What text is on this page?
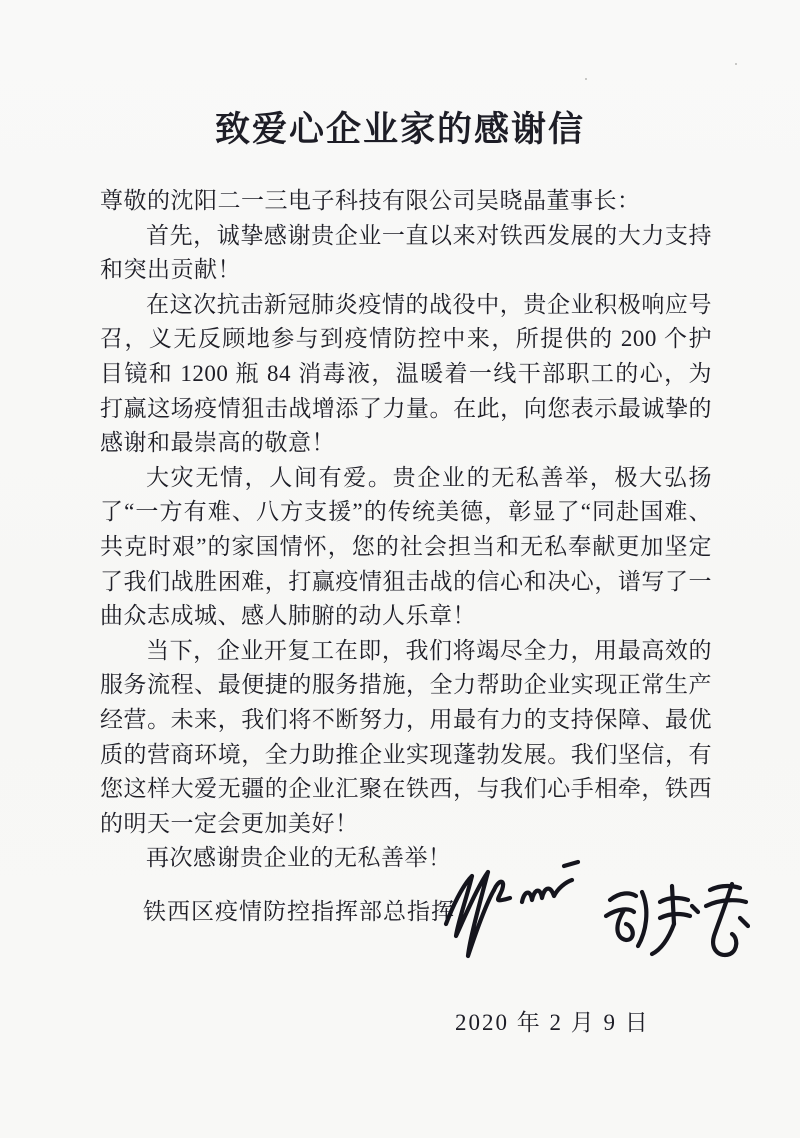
致爱心企业家的感谢信

尊敬的沈阳二一三电子科技有限公司吴晓晶董事长：

首先，诚挚感谢贵企业一直以来对铁西发展的大力支持和突出贡献！

在这次抗击新冠肺炎疫情的战役中，贵企业积极响应号召，义无反顾地参与到疫情防控中来，所提供的 200 个护目镜和 1200 瓶 84 消毒液，温暖着一线干部职工的心，为打赢这场疫情狙击战增添了力量。在此，向您表示最诚挚的感谢和最崇高的敬意！

大灾无情，人间有爱。贵企业的无私善举，极大弘扬了“一方有难、八方支援”的传统美德，彰显了“同赴国难、共克时艰”的家国情怀，您的社会担当和无私奉献更加坚定了我们战胜困难，打赢疫情狙击战的信心和决心，谱写了一曲众志成城、感人肺腑的动人乐章！

当下，企业开复工在即，我们将竭尽全力，用最高效的服务流程、最便捷的服务措施，全力帮助企业实现正常生产经营。未来，我们将不断努力，用最有力的支持保障、最优质的营商环境，全力助推企业实现蓬勃发展。我们坚信，有您这样大爱无疆的企业汇聚在铁西，与我们心手相牵，铁西的明天一定会更加美好！

再次感谢贵企业的无私善举！

铁西区疫情防控指挥部总指挥
2020 年 2 月 9 日
